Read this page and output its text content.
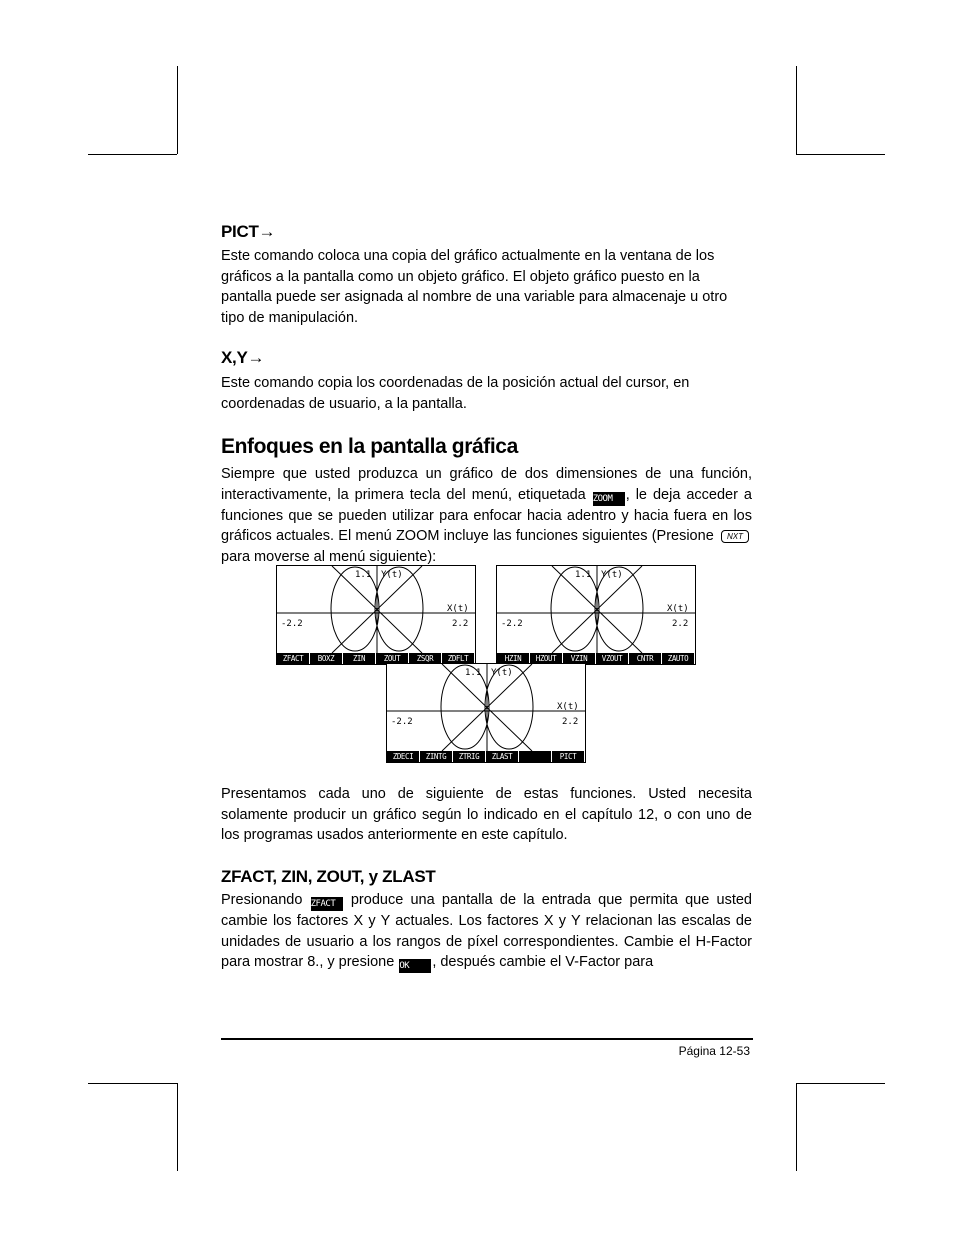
PICT→

Este comando coloca una copia del gráfico actualmente en la ventana de los gráficos a la pantalla como un objeto gráfico. El objeto gráfico puesto en la pantalla puede ser asignada al nombre de una variable para almacenaje u otro tipo de manipulación.

X,Y→

Este comando copia los coordenadas de la posición actual del cursor, en coordenadas de usuario, a la pantalla.

Enfoques en la pantalla gráfica

Siempre que usted produzca un gráfico de dos dimensiones de una función, interactivamente, la primera tecla del menú, etiquetada ZOOM , le deja acceder a funciones que se pueden utilizar para enfocar hacia adentro y hacia fuera en los gráficos actuales. El menú ZOOM incluye las funciones siguientes (Presione NXT para moverse al menú siguiente):

1.1 Y(t)
X(t)
-2.2	2.2
ZFACT	BOXZ	ZIN	ZOUT	ZSQR	ZDFLT
1.1 Y(t)
X(t)
-2.2	2.2
HZIN	HZOUT	VZIN	VZOUT	CNTR	ZAUTO
1.1 Y(t)
X(t)
-2.2	2.2
ZDECI	ZINTG	ZTRIG	ZLAST	PICT

Presentamos cada uno de siguiente de estas funciones. Usted necesita solamente producir un gráfico según lo indicado en el capítulo 12, o con uno de los programas usados anteriormente en este capítulo.

ZFACT, ZIN, ZOUT, y ZLAST

Presionando ZFACT produce una pantalla de la entrada que permita que usted cambie los factores X y Y actuales. Los factores X y Y relacionan las escalas de unidades de usuario a los rangos de píxel correspondientes. Cambie el H-Factor para mostrar 8., y presione OK , después cambie el V-Factor para

Página 12-53
